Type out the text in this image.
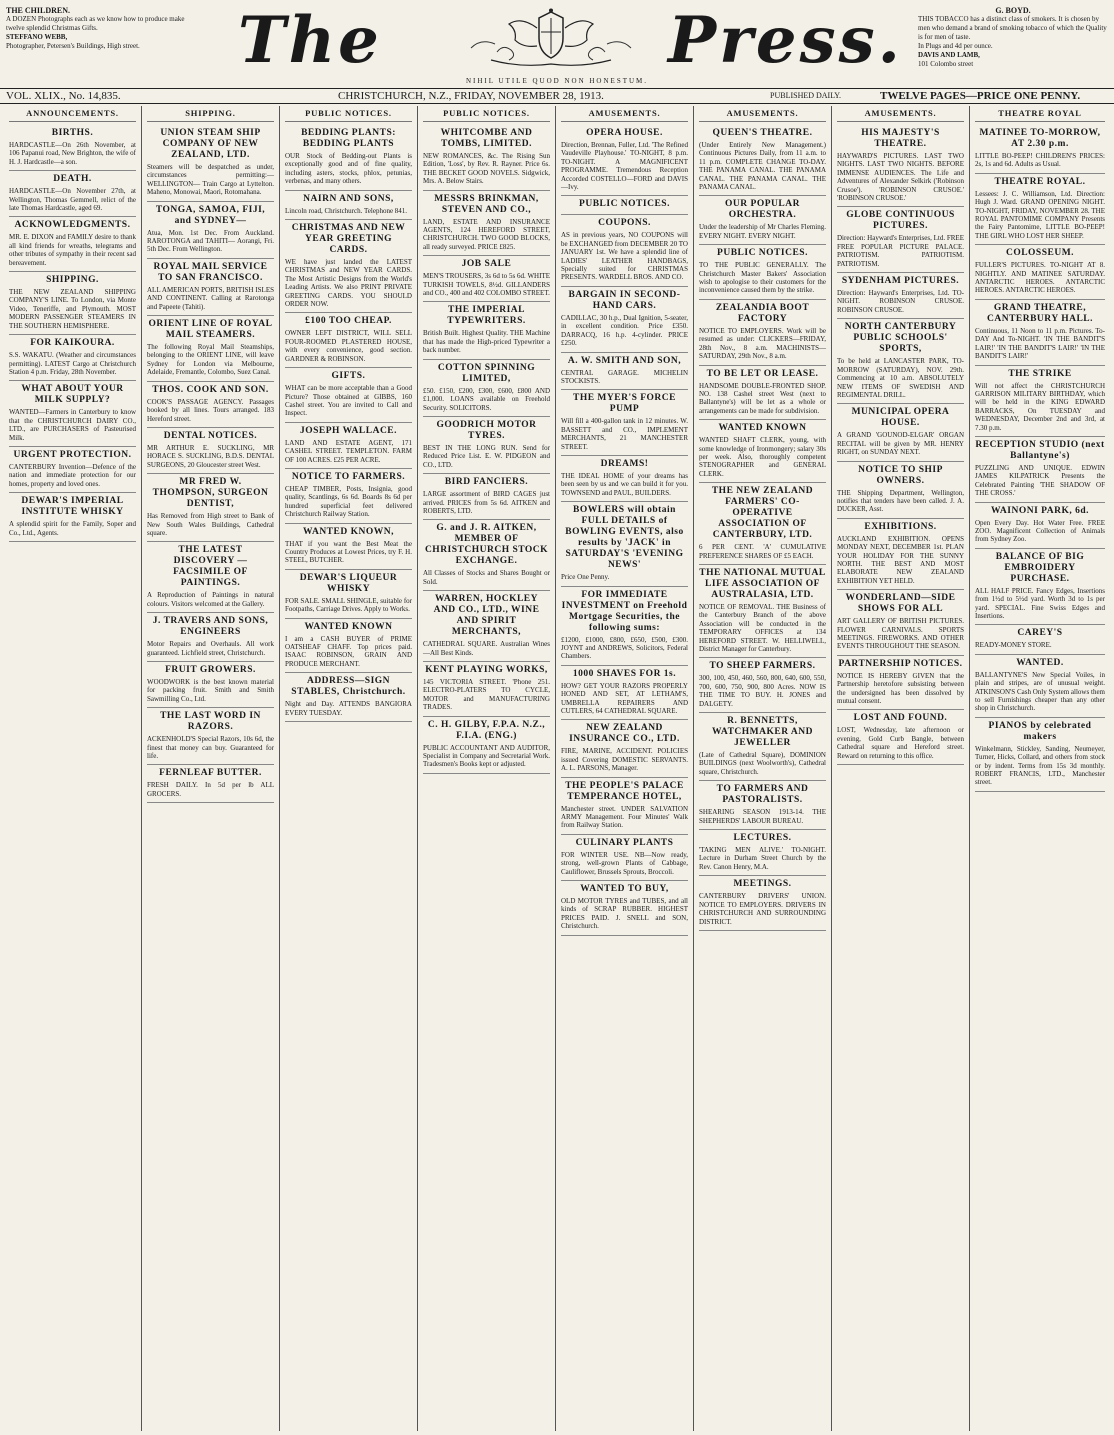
THE CHILDREN.
A DOZEN Photographs each as we know how to produce make twelve splendid Christmas Gifts.
STEFFANO WEBB,
Photographer, Petersen's Buildings, High street.	The	Press.
NIHIL UTILE QUOD NON HONESTUM.
G. BOYD.
THIS TOBACCO has a distinct class of smokers. It is chosen by men who demand a brand of smoking tobacco of which the Quality is for men of taste.
In Plugs and 4d per ounce.
DAVIS AND LAMB,
101 Colombo street
VOL. XLIX., No. 14,835.	CHRISTCHURCH, N.Z., FRIDAY, NOVEMBER 28, 1913.	PUBLISHED DAILY.	TWELVE PAGES—PRICE ONE PENNY.
ANNOUNCEMENTS.
BIRTHS.
HARDCASTLE—On 26th November, at 106 Papanui road, New Brighton, the wife of H. J. Hardcastle—a son.
DEATH.
HARDCASTLE—On November 27th, at Wellington, Thomas Gemmell, relict of the late Thomas Hardcastle, aged 69.
ACKNOWLEDGMENTS.
MR. E. DIXON and FAMILY desire to thank all kind friends for wreaths, telegrams and other tributes of sympathy in their recent sad bereavement.
SHIPPING.
THE NEW ZEALAND SHIPPING COMPANY'S LINE. To London, via Monte Video, Teneriffe, and Plymouth. MOST MODERN PASSENGER STEAMERS IN THE SOUTHERN HEMISPHERE.
FOR KAIKOURA.
S.S. WAKATU. (Weather and circumstances permitting). LATEST Cargo at Christchurch Station 4 p.m. Friday, 28th November.
WHAT ABOUT YOUR MILK SUPPLY?
WANTED—Farmers in Canterbury to know that the CHRISTCHURCH DAIRY CO., LTD., are PURCHASERS of Pasteurised Milk.
URGENT PROTECTION.
CANTERBURY Invention—Defence of the nation and immediate protection for our homes, property and loved ones.
DEWAR'S IMPERIAL INSTITUTE WHISKY
A splendid spirit for the Family, Soper and Co., Ltd., Agents.
SHIPPING.
UNION STEAM SHIP COMPANY OF NEW ZEALAND, LTD.
Steamers will be despatched as under, circumstances permitting:— WELLINGTON— Train Cargo at Lyttelton. Maheno, Monowai, Maori, Rotomahana.
TONGA, SAMOA, FIJI, and SYDNEY—
Atua, Mon. 1st Dec. From Auckland. RAROTONGA and TAHITI— Aorangi, Fri. 5th Dec. From Wellington.
ROYAL MAIL SERVICE TO SAN FRANCISCO.
ALL AMERICAN PORTS, BRITISH ISLES AND CONTINENT. Calling at Rarotonga and Papeete (Tahiti).
ORIENT LINE OF ROYAL MAIL STEAMERS.
The following Royal Mail Steamships, belonging to the ORIENT LINE, will leave Sydney for London via Melbourne, Adelaide, Fremantle, Colombo, Suez Canal.
THOS. COOK AND SON.
COOK'S PASSAGE AGENCY. Passages booked by all lines. Tours arranged. 183 Hereford street.
DENTAL NOTICES.
MR ARTHUR E. SUCKLING, MR HORACE S. SUCKLING, B.D.S. DENTAL SURGEONS, 20 Gloucester street West.
MR FRED W. THOMPSON, SURGEON DENTIST,
Has Removed from High street to Bank of New South Wales Buildings, Cathedral square.
THE LATEST DISCOVERY — FACSIMILE OF PAINTINGS.
A Reproduction of Paintings in natural colours. Visitors welcomed at the Gallery.
J. TRAVERS AND SONS, ENGINEERS
Motor Repairs and Overhauls. All work guaranteed. Lichfield street, Christchurch.
FRUIT GROWERS.
WOODWORK is the best known material for packing fruit. Smith and Smith Sawmilling Co., Ltd.
THE LAST WORD IN RAZORS.
ACKENHOLD'S Special Razors, 10s 6d, the finest that money can buy. Guaranteed for life.
FERNLEAF BUTTER.
FRESH DAILY. In 5d per lb ALL GROCERS.
PUBLIC NOTICES.
BEDDING PLANTS: BEDDING PLANTS
OUR Stock of Bedding-out Plants is exceptionally good and of fine quality, including asters, stocks, phlox, petunias, verbenas, and many others.
NAIRN AND SONS,
Lincoln road, Christchurch. Telephone 841.
CHRISTMAS AND NEW YEAR GREETING CARDS.
WE have just landed the LATEST CHRISTMAS and NEW YEAR CARDS. The Most Artistic Designs from the World's Leading Artists. We also PRINT PRIVATE GREETING CARDS. YOU SHOULD ORDER NOW.
£100 TOO CHEAP.
OWNER LEFT DISTRICT, WILL SELL FOUR-ROOMED PLASTERED HOUSE, with every convenience, good section. GARDNER & ROBINSON.
GIFTS.
WHAT can be more acceptable than a Good Picture? Those obtained at GIBBS, 160 Cashel street. You are invited to Call and Inspect.
JOSEPH WALLACE.
LAND AND ESTATE AGENT, 171 CASHEL STREET. TEMPLETON. FARM OF 100 ACRES. £25 PER ACRE.
NOTICE TO FARMERS.
CHEAP TIMBER, Posts, Insignia, good quality, Scantlings, 6s 6d. Boards 8s 6d per hundred superficial feet delivered Christchurch Railway Station.
WANTED KNOWN,
THAT if you want the Best Meat the Country Produces at Lowest Prices, try F. H. STEEL, BUTCHER.
DEWAR'S LIQUEUR WHISKY
FOR SALE. SMALL SHINGLE, suitable for Footpaths, Carriage Drives. Apply to Works.
WANTED KNOWN
I am a CASH BUYER of PRIME OATSHEAF CHAFF. Top prices paid. ISAAC ROBINSON, GRAIN AND PRODUCE MERCHANT.
ADDRESS—SIGN STABLES, Christchurch.
Night and Day. ATTENDS BANGIORA EVERY TUESDAY.
PUBLIC NOTICES.
WHITCOMBE AND TOMBS, LIMITED.
NEW ROMANCES, &c. The Rising Sun Edition, 'Loss', by Rev. R. Rayner. Price 6s. THE BECKET GOOD NOVELS. Sidgwick, Mrs. A. Below Stairs.
MESSRS BRINKMAN, STEVEN AND CO.,
LAND, ESTATE AND INSURANCE AGENTS, 124 HEREFORD STREET, CHRISTCHURCH. TWO GOOD BLOCKS, all ready surveyed. PRICE £825.
JOB SALE
MEN'S TROUSERS, 3s 6d to 5s 6d. WHITE TURKISH TOWELS, 8½d. GILLANDERS and CO., 400 and 402 COLOMBO STREET.
THE IMPERIAL TYPEWRITERS.
British Built. Highest Quality. THE Machine that has made the High-priced Typewriter a back number.
COTTON SPINNING LIMITED,
£50. £150, £200, £300, £600, £800 AND £1,000. LOANS available on Freehold Security. SOLICITORS.
GOODRICH MOTOR TYRES.
BEST IN THE LONG RUN. Send for Reduced Price List. E. W. PIDGEON and CO., LTD.
BIRD FANCIERS.
LARGE assortment of BIRD CAGES just arrived. PRICES from 5s 6d. AITKEN and ROBERTS, LTD.
G. and J. R. AITKEN, MEMBER OF CHRISTCHURCH STOCK EXCHANGE.
All Classes of Stocks and Shares Bought or Sold.
WARREN, HOCKLEY AND CO., LTD., WINE AND SPIRIT MERCHANTS,
CATHEDRAL SQUARE. Australian Wines—All Best Kinds.
KENT PLAYING WORKS,
145 VICTORIA STREET. 'Phone 251. ELECTRO-PLATERS TO CYCLE, MOTOR and MANUFACTURING TRADES.
C. H. GILBY, F.P.A. N.Z., F.I.A. (ENG.)
PUBLIC ACCOUNTANT AND AUDITOR, Specialist in Company and Secretarial Work. Tradesmen's Books kept or adjusted.
AMUSEMENTS.
OPERA HOUSE.
Direction, Brennan, Fuller, Ltd. 'The Refined Vaudeville Playhouse.' TO-NIGHT, 8 p.m. TO-NIGHT. A MAGNIFICENT PROGRAMME. Tremendous Reception Accorded COSTELLO—FORD and DAVIS—Ivy.
PUBLIC NOTICES.
COUPONS.
AS in previous years, NO COUPONS will be EXCHANGED from DECEMBER 20 TO JANUARY 1st. We have a splendid line of LADIES' LEATHER HANDBAGS, Specially suited for CHRISTMAS PRESENTS. WARDELL BROS. AND CO.
BARGAIN IN SECOND-HAND CARS.
CADILLAC, 30 h.p., Dual Ignition, 5-seater, in excellent condition. Price £350. DARRACQ, 16 h.p. 4-cylinder. PRICE £250.
A. W. SMITH AND SON,
CENTRAL GARAGE. MICHELIN STOCKISTS.
THE MYER'S FORCE PUMP
Will fill a 400-gallon tank in 12 minutes. W. BASSETT and CO., IMPLEMENT MERCHANTS, 21 MANCHESTER STREET.
DREAMS!
THE IDEAL HOME of your dreams has been seen by us and we can build it for you. TOWNSEND and PAUL, BUILDERS.
BOWLERS will obtain FULL DETAILS of BOWLING EVENTS, also results by 'JACK' in SATURDAY'S 'EVENING NEWS'
Price One Penny.
FOR IMMEDIATE INVESTMENT on Freehold Mortgage Securities, the following sums:
£1200, £1000, £800, £650, £500, £300. JOYNT and ANDREWS, Solicitors, Federal Chambers.
1000 SHAVES FOR 1s.
HOW? GET YOUR RAZORS PROPERLY HONED AND SET, AT LETHAM'S, UMBRELLA REPAIRERS AND CUTLERS, 64 CATHEDRAL SQUARE.
NEW ZEALAND INSURANCE CO., LTD.
FIRE, MARINE, ACCIDENT. POLICIES issued Covering DOMESTIC SERVANTS. A. L. PARSONS, Manager.
THE PEOPLE'S PALACE TEMPERANCE HOTEL,
Manchester street. UNDER SALVATION ARMY Management. Four Minutes' Walk from Railway Station.
CULINARY PLANTS
FOR WINTER USE. NB—Now ready, strong, well-grown Plants of Cabbage, Cauliflower, Brussels Sprouts, Broccoli.
WANTED TO BUY,
OLD MOTOR TYRES and TUBES, and all kinds of SCRAP RUBBER. HIGHEST PRICES PAID. J. SNELL and SON, Christchurch.
AMUSEMENTS.
QUEEN'S THEATRE.
(Under Entirely New Management.) Continuous Pictures Daily, from 11 a.m. to 11 p.m. COMPLETE CHANGE TO-DAY. THE PANAMA CANAL. THE PANAMA CANAL. THE PANAMA CANAL. THE PANAMA CANAL.
OUR POPULAR ORCHESTRA.
Under the leadership of Mr Charles Fleming. EVERY NIGHT. EVERY NIGHT.
PUBLIC NOTICES.
TO THE PUBLIC GENERALLY. The Christchurch Master Bakers' Association wish to apologise to their customers for the inconvenience caused them by the strike.
ZEALANDIA BOOT FACTORY
NOTICE TO EMPLOYERS. Work will be resumed as under: CLICKERS—FRIDAY, 28th Nov., 8 a.m. MACHINISTS—SATURDAY, 29th Nov., 8 a.m.
TO BE LET OR LEASE.
HANDSOME DOUBLE-FRONTED SHOP. NO. 138 Cashel street West (next to Ballantyne's) will be let as a whole or arrangements can be made for subdivision.
WANTED KNOWN
WANTED SHAFT CLERK, young, with some knowledge of Ironmongery; salary 30s per week. Also, thoroughly competent STENOGRAPHER and GENERAL CLERK.
THE NEW ZEALAND FARMERS' CO-OPERATIVE ASSOCIATION OF CANTERBURY, LTD.
6 PER CENT. 'A' CUMULATIVE PREFERENCE SHARES OF £5 EACH.
THE NATIONAL MUTUAL LIFE ASSOCIATION OF AUSTRALASIA, LTD.
NOTICE OF REMOVAL. THE Business of the Canterbury Branch of the above Association will be conducted in the TEMPORARY OFFICES at 134 HEREFORD STREET. W. HELLIWELL, District Manager for Canterbury.
TO SHEEP FARMERS.
300, 100, 450, 460, 560, 800, 640, 600, 550, 700, 600, 750, 900, 800 Acres. NOW IS THE TIME TO BUY. H. JONES and DALGETY.
R. BENNETTS, WATCHMAKER AND JEWELLER
(Late of Cathedral Square), DOMINION BUILDINGS (next Woolworth's), Cathedral square, Christchurch.
TO FARMERS AND PASTORALISTS.
SHEARING SEASON 1913-14. THE SHEPHERDS' LABOUR BUREAU.
LECTURES.
'TAKING MEN ALIVE.' TO-NIGHT. Lecture in Durham Street Church by the Rev. Canon Henry, M.A.
MEETINGS.
CANTERBURY DRIVERS' UNION. NOTICE TO EMPLOYERS. DRIVERS IN CHRISTCHURCH AND SURROUNDING DISTRICT.
AMUSEMENTS.
HIS MAJESTY'S THEATRE.
HAYWARD'S PICTURES. LAST TWO NIGHTS. LAST TWO NIGHTS. BEFORE IMMENSE AUDIENCES. The Life and Adventures of Alexander Selkirk ('Robinson Crusoe'). 'ROBINSON CRUSOE.' 'ROBINSON CRUSOE.'
GLOBE CONTINUOUS PICTURES.
Direction: Hayward's Enterprises, Ltd. FREE FREE POPULAR PICTURE PALACE. PATRIOTISM. PATRIOTISM. PATRIOTISM.
SYDENHAM PICTURES.
Direction: Hayward's Enterprises, Ltd. TO-NIGHT. ROBINSON CRUSOE. ROBINSON CRUSOE.
NORTH CANTERBURY PUBLIC SCHOOLS' SPORTS,
To be held at LANCASTER PARK, TO-MORROW (SATURDAY), NOV. 29th. Commencing at 10 a.m. ABSOLUTELY NEW ITEMS OF SWEDISH AND REGIMENTAL DRILL.
MUNICIPAL OPERA HOUSE.
A GRAND 'GOUNOD-ELGAR' ORGAN RECITAL will be given by MR. HENRY RIGHT, on SUNDAY NEXT.
NOTICE TO SHIP OWNERS.
THE Shipping Department, Wellington, notifies that tenders have been called. J. A. DUCKER, Asst.
EXHIBITIONS.
AUCKLAND EXHIBITION. OPENS MONDAY NEXT, DECEMBER 1st. PLAN YOUR HOLIDAY FOR THE SUNNY NORTH. THE BEST AND MOST ELABORATE NEW ZEALAND EXHIBITION YET HELD.
WONDERLAND—SIDE SHOWS FOR ALL
ART GALLERY OF BRITISH PICTURES. FLOWER CARNIVALS. SPORTS MEETINGS. FIREWORKS. AND OTHER EVENTS THROUGHOUT THE SEASON.
PARTNERSHIP NOTICES.
NOTICE IS HEREBY GIVEN that the Partnership heretofore subsisting between the undersigned has been dissolved by mutual consent.
LOST AND FOUND.
LOST, Wednesday, late afternoon or evening, Gold Curb Bangle, between Cathedral square and Hereford street. Reward on returning to this office.
THEATRE ROYAL
MATINEE TO-MORROW, AT 2.30 p.m.
LITTLE BO-PEEP! CHILDREN'S PRICES: 2s, 1s and 6d. Adults as Usual.
THEATRE ROYAL.
Lessees: J. C. Williamson, Ltd. Direction: Hugh J. Ward. GRAND OPENING NIGHT. TO-NIGHT, FRIDAY, NOVEMBER 28. THE ROYAL PANTOMIME COMPANY Presents the Fairy Pantomime, LITTLE BO-PEEP! THE GIRL WHO LOST HER SHEEP.
COLOSSEUM.
FULLER'S PICTURES. TO-NIGHT AT 8. NIGHTLY. AND MATINEE SATURDAY. ANTARCTIC HEROES. ANTARCTIC HEROES. ANTARCTIC HEROES.
GRAND THEATRE, CANTERBURY HALL.
Continuous, 11 Noon to 11 p.m. Pictures. To-DAY And To-NIGHT. 'IN THE BANDIT'S LAIR!' 'IN THE BANDIT'S LAIR!' 'IN THE BANDIT'S LAIR!'
THE STRIKE
Will not affect the CHRISTCHURCH GARRISON MILITARY BIRTHDAY, which will be held in the KING EDWARD BARRACKS, On TUESDAY and WEDNESDAY, December 2nd and 3rd, at 7.30 p.m.
RECEPTION STUDIO (next Ballantyne's)
PUZZLING AND UNIQUE. EDWIN JAMES KILPATRICK Presents the Celebrated Painting 'THE SHADOW OF THE CROSS.'
WAINONI PARK, 6d.
Open Every Day. Hot Water Free. FREE ZOO. Magnificent Collection of Animals from Sydney Zoo.
BALANCE OF BIG EMBROIDERY PURCHASE.
ALL HALF PRICE. Fancy Edges, Insertions from 1½d to 5½d yard. Worth 3d to 1s per yard. SPECIAL. Fine Swiss Edges and Insertions.
CAREY'S
READY-MONEY STORE.
WANTED.
BALLANTYNE'S New Special Voiles, in plain and stripes, are of unusual weight. ATKINSON'S Cash Only System allows them to sell Furnishings cheaper than any other shop in Christchurch.
PIANOS by celebrated makers
Winkelmann, Stickley, Sanding, Neumeyer, Turner, Hicks, Collard, and others from stock or by indent. Terms from 15s 3d monthly. ROBERT FRANCIS, LTD., Manchester street.
